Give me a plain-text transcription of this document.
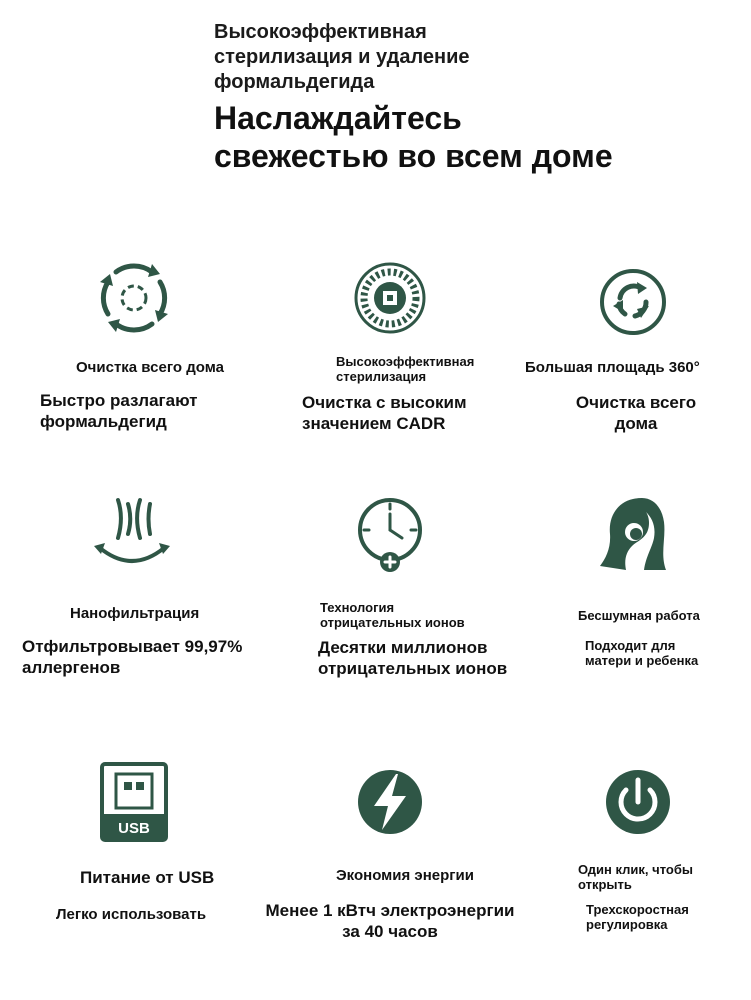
Высокоэффективная
стерилизация и удаление
формальдегида
Наслаждайтесь
свежестью во всем доме
Очистка всего дома
Быстро разлагают
формальдегид
Высокоэффективная
стерилизация
Очистка с высоким
значением CADR
Большая площадь 360°
Очистка всего
дома
Нанофильтрация
Отфильтровывает 99,97%
аллергенов
Технология
отрицательных ионов
Десятки миллионов
отрицательных ионов
Бесшумная работа
Подходит для
матери и ребенка
USB
Питание от USB
Легко использовать
Экономия энергии
Менее 1 кВтч электроэнергии
за 40 часов
Один клик, чтобы
открыть
Трехскоростная
регулировка
